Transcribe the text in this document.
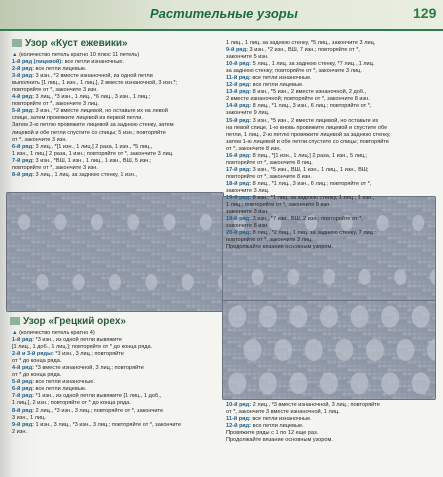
Растительные узоры	129
Узор «Куст ежевики»

▲ (количество петель кратно 10 плюс 11 петель)

1-й ряд (лицевой): все петли изнаночные.

2-й ряд: все петли лицевые.

3-й ряд: 3 изн., *2 вместе изнаночной, из одной петли

выполнить [1 лиц., 1 изн., 1 лиц.], 2 вместе изнаночной, 3 изн.*;

повторяйте от *, закончите 3 изн.

4-й ряд: 3 лиц., *3 изн., 1 лиц., *6 лиц., 3 изн., 1 лиц.;

повторяйте от *, закончите 3 лиц.

5-й ряд: 3 изн., *2 вместе лицевой, но оставьте их на левой

спице, затем провяжите лицевой из первой петли.

Затем 2-ю петлю провяжите лицевой за заднюю стенку, затем

лицевой и обе петли спустите со спицы; 5 изн.; повторяйте

от *, закончите 3 изн.

6-й ряд: 3 лиц., *[1 изн., 1 лиц.] 2 раза, 1 изн., *5 лиц.,

1 изн., 1 лиц.] 2 раза, 1 изн.; повторяйте от *, закончите 3 лиц.

7-й ряд: 3 изн., *ВШ, 1 изн., 1 лиц., 1 изн., ВШ, 5 изн.;

повторяйте от *, закончите 3 изн.

8-й ряд: 3 лиц., 1 лиц. за заднюю стенку, 1 изн.,

Узор «Грецкий орех»

▲ (количество петель кратно 4)

1-й ряд: *3 изн., из одной петли вывяжите

[1 лиц., 1 доб., 1 лиц.]; повторяйте от * до конца ряда.

2-й и 3-й ряды: *3 изн., 3 лиц.; повторяйте

от * до конца ряда.

4-й ряд: *3 вместе изнаночной, 3 лиц.; повторяйте

от * до конца ряда.

5-й ряд: все петли изнаночные.

6-й ряд: все петли лицевые.

7-й ряд: *1 изн., из одной петли вывяжите [1 лиц., 1 доб.,

1 лиц.], 2 изн.; повторяйте от * до конца ряда.

8-й ряд: 2 лиц., *3 изн., 3 лиц.; повторяйте от *, закончите

3 изн., 1 лиц.

9-й ряд: 1 изн., 3 лиц., *3 изн., 3 лиц.; повторяйте от *, закончите

2 изн.

1 лиц., 1 лиц. за заднюю стенку, *5 лиц., закончите 3 лиц.

9-й ряд: 3 изн., *2 изн., ВШ, 7 изн.; повторяйте от *,

закончите 5 изн.

10-й ряд: 5 лиц., 1 лиц. за заднюю стенку, *7 лиц., 1 лиц.

за заднюю стенку; повторяйте от *, закончите 3 лиц.

11-й ряд: все петли изнаночные.

12-й ряд: все петли лицевые.

13-й ряд: 8 изн., *5 изн., 2 вместе изнаночной, 2 доб.,

2 вместе изнаночной; повторяйте от *, закончите 8 изн.

14-й ряд: 8 лиц., *1 лиц., 3 изн., 6 лиц.; повторяйте от *,

закончите 9 лиц.

15-й ряд: 3 изн., *5 изн., 2 вместе лицевой, но оставьте их

на левой спице, 1-ю вновь провяжите лицевой и спустите обе

петли, 1 лиц., 2-ю петлю провяжите лицевой за заднюю стенку,

затем 1-ю лицевой и обе петли спустите со спицы; повторяйте

от *, закончите 8 изн.

16-й ряд: 8 лиц., *[1 изн., 1 лиц.] 2 раза, 1 изн., 5 лиц.;

повторяйте от *, закончите 8 лиц.

17-й ряд: 3 изн., *5 изн., ВШ, 1 изн., 1 лиц., 1 изн., ВШ;

повторяйте от *, закончите 8 изн.

18-й ряд: 8 лиц., *1 лиц., 3 изн., 6 лиц.; повторяйте от *,

закончите 3 лиц.

19-й ряд: 8 изн., *1 лиц. за заднюю стенку, 1 лиц., 1 изн.,

1 лиц.; повторяйте от *, закончите 8 изн.

закончите 3 изн.

19-й ряд: 3 изн., *7 изн., ВШ, 2 изн.; повторяйте от *,

закончите 8 изн.

20-й ряд: 8 лиц., *2 лиц., 1 лиц. за заднюю стенку, 7 лиц.;

повторяйте от *, закончите 3 лиц.

Продолжайте вязание основным узором.

10-й ряд: 2 лиц., *3 вместе изнаночной, 3 лиц.; повторяйте

от *, закончите 3 вместе изнаночной, 1 лиц.

11-й ряд: все петли изнаночные.

12-й ряд: все петли лицевые.

Провяжите ряды с 1 по 12 еще раз.

Продолжайте вязание основным узором.
